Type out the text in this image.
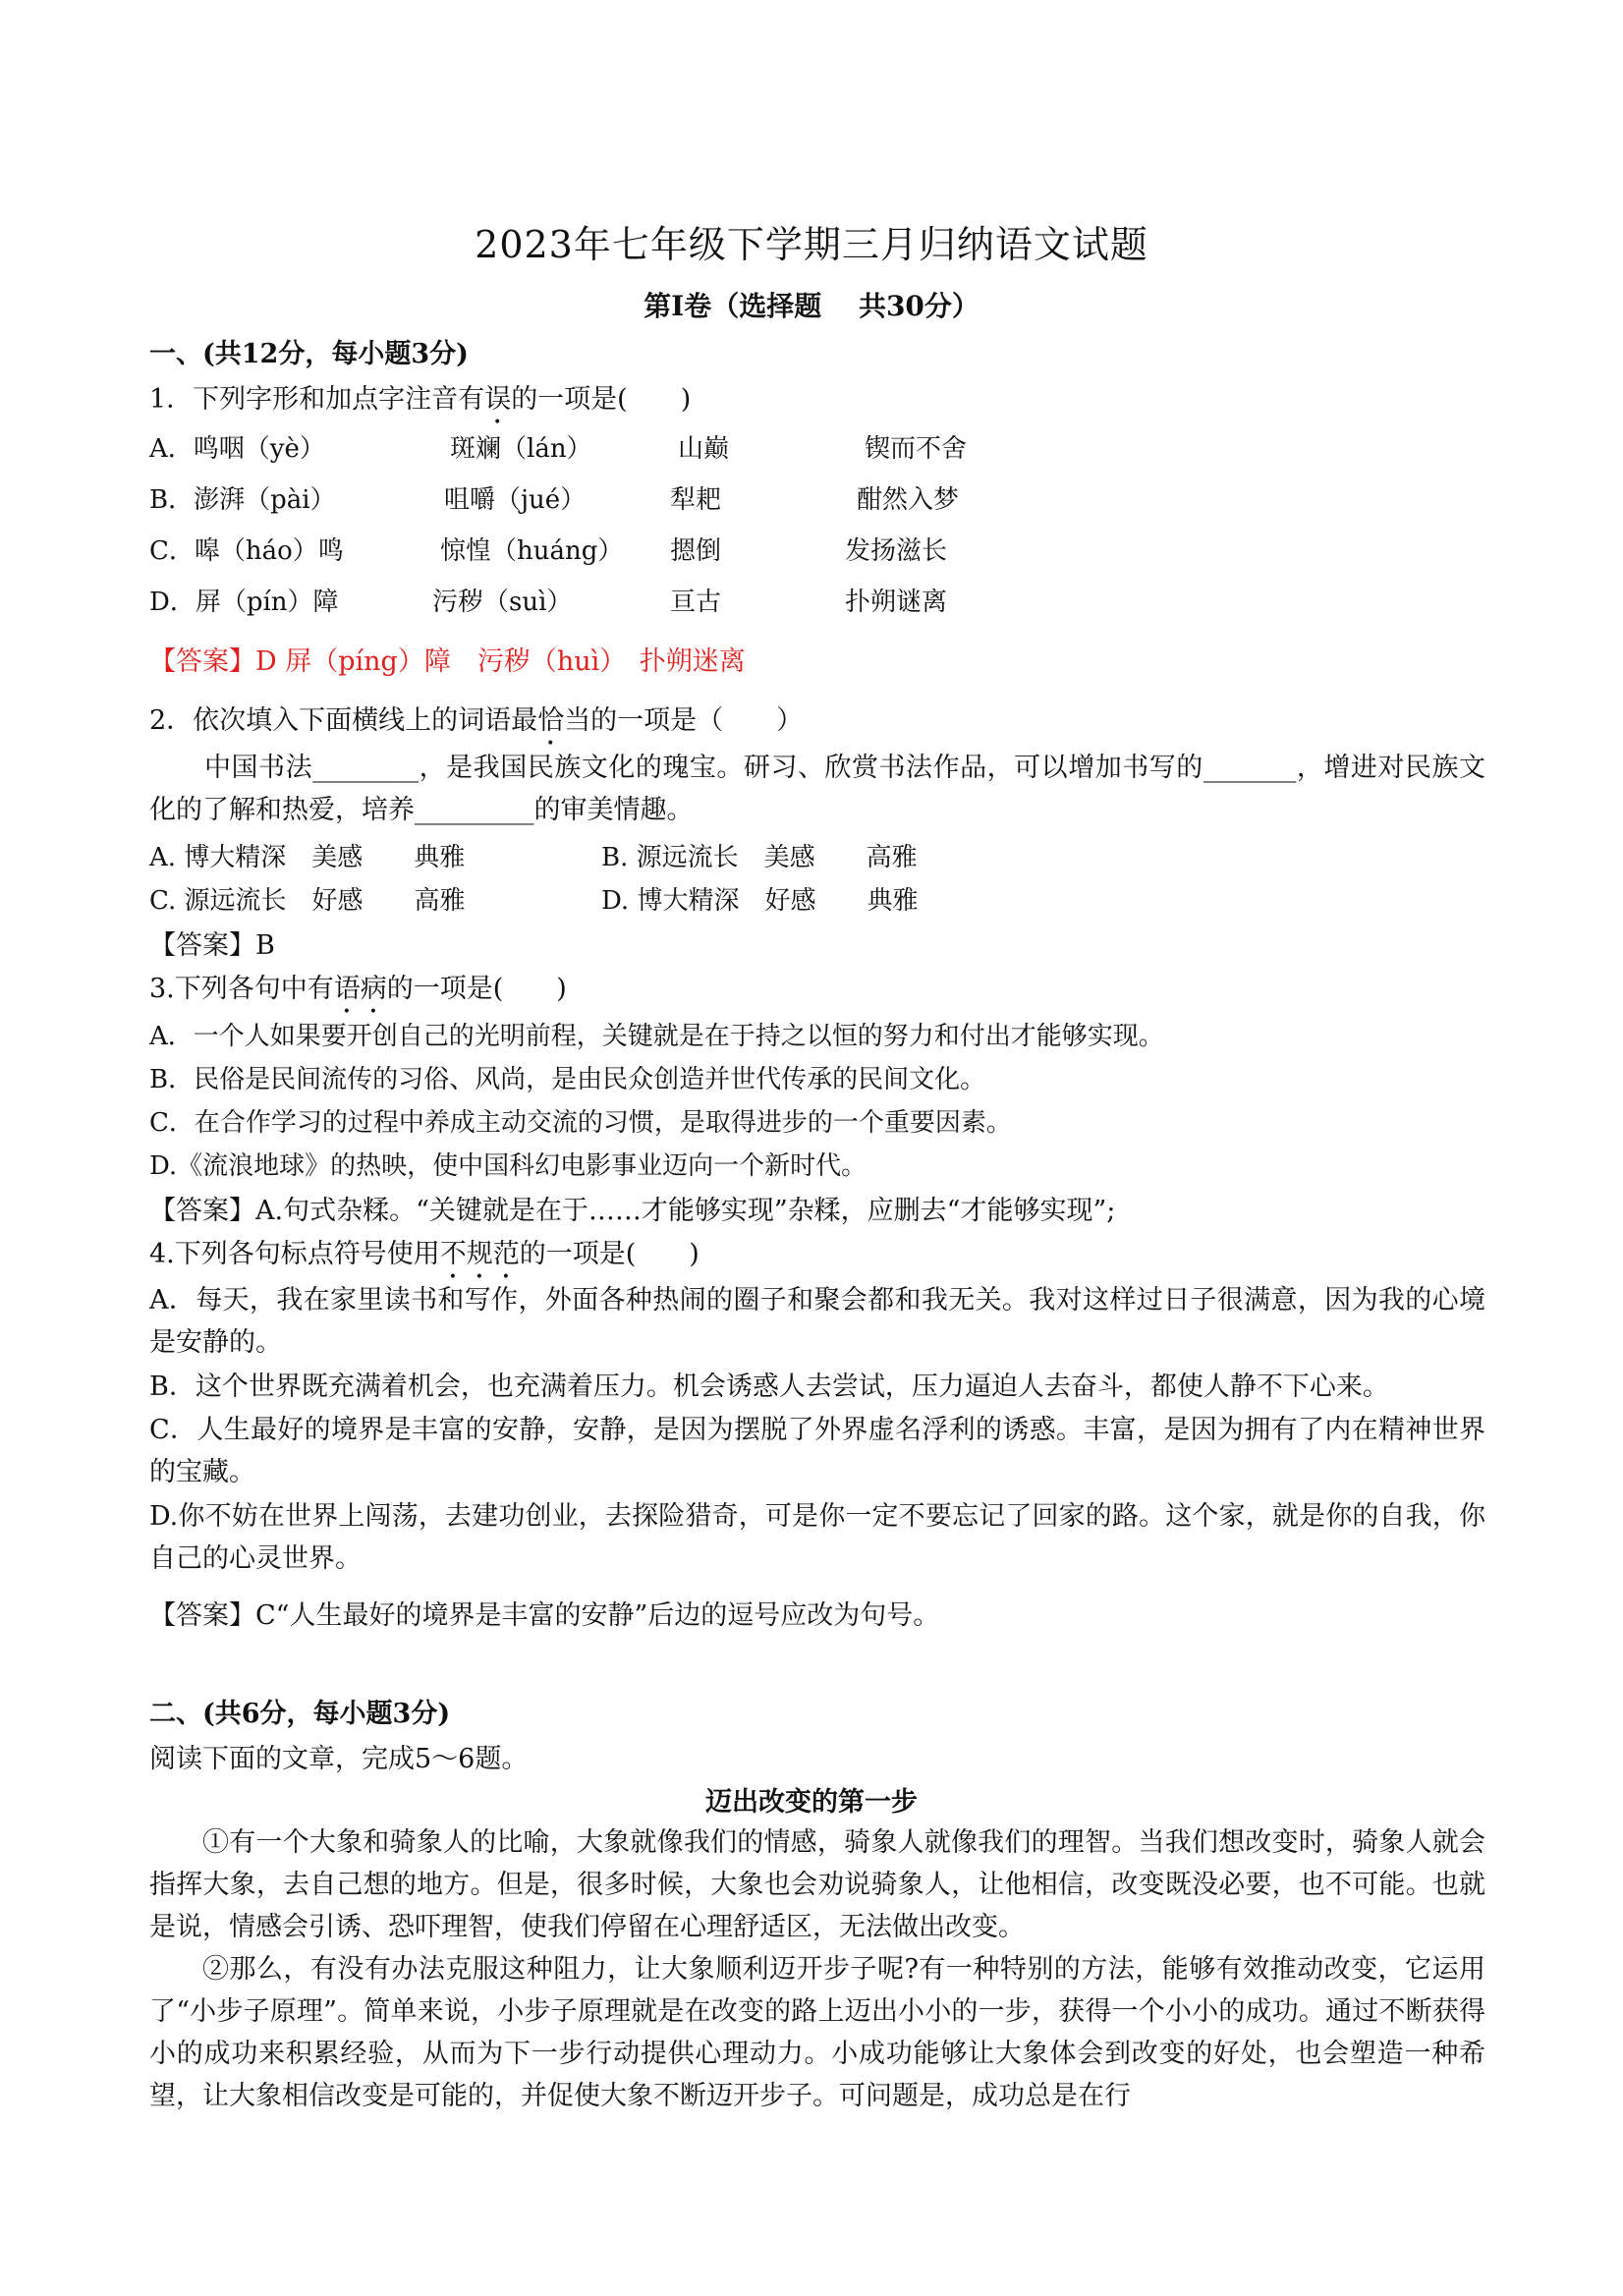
2023年七年级下学期三月归纳语文试题
第Ⅰ卷（选择题　 共30分）
一、(共12分，每小题3分)
1．下列字形和加点字注音有误的一项是(　　)
A．鸣咽（yè）	斑斓（lán）	山巅	锲而不舍
B．澎湃（pài）	咀嚼（jué）	犁耙	酣然入梦
C．嗥（háo）鸣	惊惶（huáng） 摁倒	发扬滋长
D．屏（pín）障	污秽（suì）	亘古	扑朔谜离
【答案】D 屏（píng）障　污秽（huì）　扑朔迷离
2．依次填入下面横线上的词语最恰当的一项是（　　）
中国书法________，是我国民族文化的瑰宝。研习、欣赏书法作品，可以增加书写的_______，增进对民族文化的了解和热爱，培养_________的审美情趣。
A. 博大精深　美感　　典雅	B. 源远流长　美感　　高雅
C. 源远流长　好感　　高雅	D. 博大精深　好感　　典雅
【答案】B
3.下列各句中有语病的一项是(　　)
A．一个人如果要开创自己的光明前程，关键就是在于持之以恒的努力和付出才能够实现。
B．民俗是民间流传的习俗、风尚，是由民众创造并世代传承的民间文化。
C．在合作学习的过程中养成主动交流的习惯，是取得进步的一个重要因素。
D.《流浪地球》的热映，使中国科幻电影事业迈向一个新时代。
【答案】A.句式杂糅。“关键就是在于……才能够实现”杂糅，应删去“才能够实现”;
4.下列各句标点符号使用不规范的一项是(　　)
A．每天，我在家里读书和写作，外面各种热闹的圈子和聚会都和我无关。我对这样过日子很满意，因为我的心境是安静的。
B．这个世界既充满着机会，也充满着压力。机会诱惑人去尝试，压力逼迫人去奋斗，都使人静不下心来。
C．人生最好的境界是丰富的安静，安静，是因为摆脱了外界虚名浮利的诱惑。丰富，是因为拥有了内在精神世界的宝藏。
D.你不妨在世界上闯荡，去建功创业，去探险猎奇，可是你一定不要忘记了回家的路。这个家，就是你的自我，你自己的心灵世界。
【答案】C“人生最好的境界是丰富的安静”后边的逗号应改为句号。
二、(共6分，每小题3分)
阅读下面的文章，完成5～6题。
迈出改变的第一步
①有一个大象和骑象人的比喻，大象就像我们的情感，骑象人就像我们的理智。当我们想改变时，骑象人就会指挥大象，去自己想的地方。但是，很多时候，大象也会劝说骑象人，让他相信，改变既没必要，也不可能。也就是说，情感会引诱、恐吓理智，使我们停留在心理舒适区，无法做出改变。
②那么，有没有办法克服这种阻力，让大象顺利迈开步子呢?有一种特别的方法，能够有效推动改变，它运用了“小步子原理”。简单来说，小步子原理就是在改变的路上迈出小小的一步，获得一个小小的成功。通过不断获得小的成功来积累经验，从而为下一步行动提供心理动力。小成功能够让大象体会到改变的好处，也会塑造一种希望，让大象相信改变是可能的，并促使大象不断迈开步子。可问题是，成功总是在行
